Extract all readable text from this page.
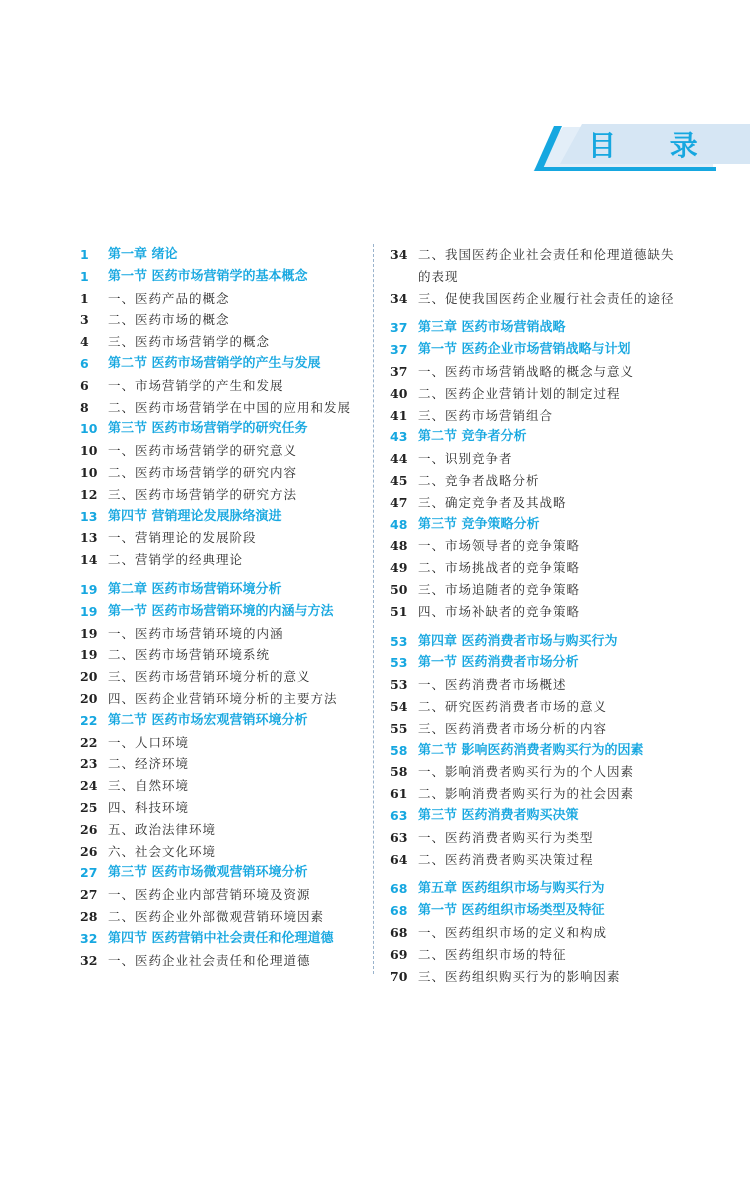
目 录
1	第一章 绪论
1	第一节 医药市场营销学的基本概念
1	一、医药产品的概念
3	二、医药市场的概念
4	三、医药市场营销学的概念
6	第二节 医药市场营销学的产生与发展
6	一、市场营销学的产生和发展
8	二、医药市场营销学在中国的应用和发展
10 第三节 医药市场营销学的研究任务
10 一、医药市场营销学的研究意义
10 二、医药市场营销学的研究内容
12 三、医药市场营销学的研究方法
13 第四节 营销理论发展脉络演进
13 一、营销理论的发展阶段
14 二、营销学的经典理论
19 第二章 医药市场营销环境分析
19 第一节 医药市场营销环境的内涵与方法
19 一、医药市场营销环境的内涵
19 二、医药市场营销环境系统
20 三、医药市场营销环境分析的意义
20 四、医药企业营销环境分析的主要方法
22 第二节 医药市场宏观营销环境分析
22 一、人口环境
23 二、经济环境
24 三、自然环境
25 四、科技环境
26 五、政治法律环境
26 六、社会文化环境
27 第三节 医药市场微观营销环境分析
27 一、医药企业内部营销环境及资源
28 二、医药企业外部微观营销环境因素
32 第四节 医药营销中社会责任和伦理道德
32 一、医药企业社会责任和伦理道德
34 二、我国医药企业社会责任和伦理道德缺失的表现
34 三、促使我国医药企业履行社会责任的途径
37 第三章 医药市场营销战略
37 第一节 医药企业市场营销战略与计划
37 一、医药市场营销战略的概念与意义
40 二、医药企业营销计划的制定过程
41 三、医药市场营销组合
43 第二节 竞争者分析
44 一、识别竞争者
45 二、竞争者战略分析
47 三、确定竞争者及其战略
48 第三节 竞争策略分析
48 一、市场领导者的竞争策略
49 二、市场挑战者的竞争策略
50 三、市场追随者的竞争策略
51 四、市场补缺者的竞争策略
53 第四章 医药消费者市场与购买行为
53 第一节 医药消费者市场分析
53 一、医药消费者市场概述
54 二、研究医药消费者市场的意义
55 三、医药消费者市场分析的内容
58 第二节 影响医药消费者购买行为的因素
58 一、影响消费者购买行为的个人因素
61 二、影响消费者购买行为的社会因素
63 第三节 医药消费者购买决策
63 一、医药消费者购买行为类型
64 二、医药消费者购买决策过程
68 第五章 医药组织市场与购买行为
68 第一节 医药组织市场类型及特征
68 一、医药组织市场的定义和构成
69 二、医药组织市场的特征
70 三、医药组织购买行为的影响因素
